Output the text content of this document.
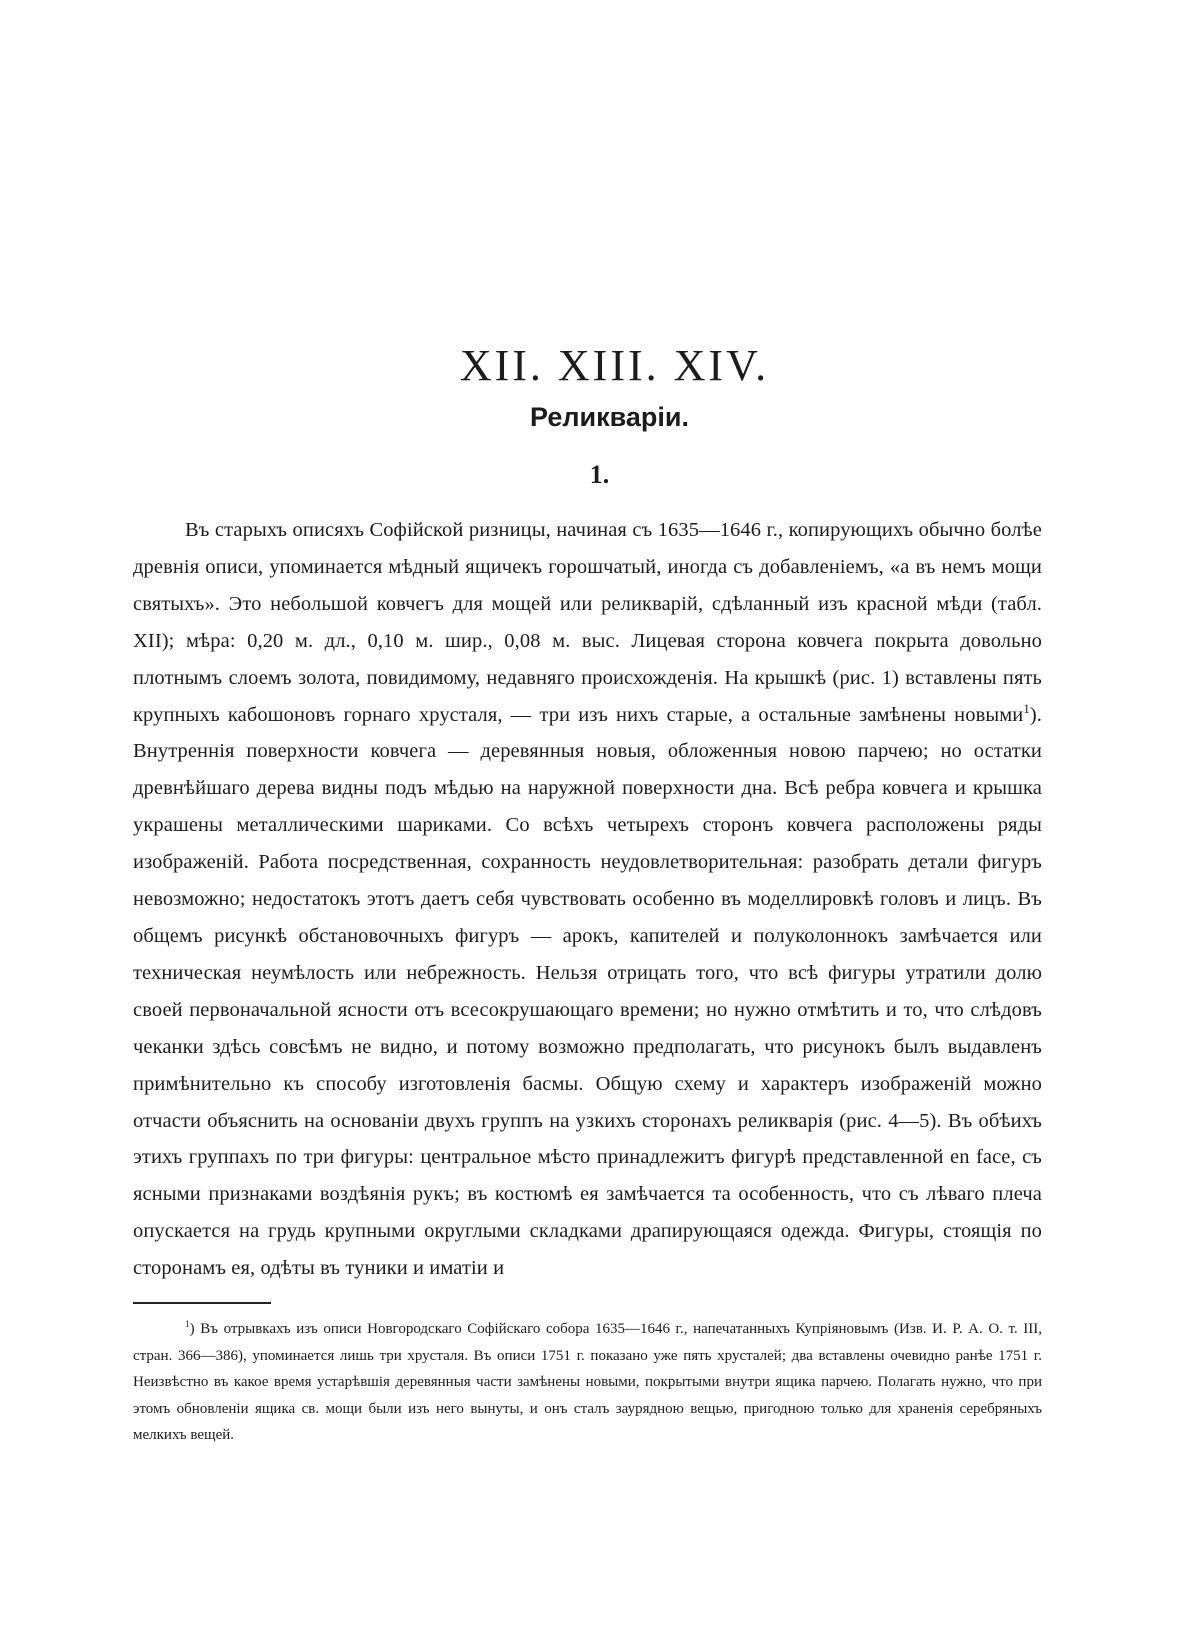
XII. XIII. XIV.
Реликварiи.
1.

Въ старыхъ описяхъ Софiйской ризницы, начиная съ 1635—1646 г., копирующихъ обычно болѣе древнiя описи, упоминается мѣдный ящичекъ горошчатый, иногда съ добавленiемъ, «а въ немъ мощи святыхъ». Это небольшой ковчегъ для мощей или реликварiй, сдѣланный изъ красной мѣди (табл. XII); мѣра: 0,20 м. дл., 0,10 м. шир., 0,08 м. выс. Лицевая сторона ковчега покрыта довольно плотнымъ слоемъ золота, повидимому, недавняго происхожденiя. На крышкѣ (рис. 1) вставлены пять крупныхъ кабошоновъ горнаго хрусталя, — три изъ нихъ старые, а остальные замѣнены новыми$^1$). Внутреннiя поверхности ковчега — деревянныя новыя, обложенныя новою парчею; но остатки древнѣйшаго дерева видны подъ мѣдью на наружной поверхности дна. Всѣ ребра ковчега и крышка украшены металлическими шариками. Со всѣхъ четырехъ сторонъ ковчега расположены ряды изображенiй. Работа посредственная, сохранность неудовлетворительная: разобрать детали фигуръ невозможно; недостатокъ этотъ даетъ себя чувствовать особенно въ моделлировкѣ головъ и лицъ. Въ общемъ рисункѣ обстановочныхъ фигуръ — арокъ, капителей и полуколоннокъ замѣчается или техническая неумѣлость или небрежность. Нельзя отрицать того, что всѣ фигуры утратили долю своей первоначальной ясности отъ всесокрушающаго времени; но нужно отмѣтить и то, что слѣдовъ чеканки здѣсь совсѣмъ не видно, и потому возможно предполагать, что рисунокъ былъ выдавленъ примѣнительно къ способу изготовленiя басмы. Общую схему и характеръ изображенiй можно отчасти объяснить на основанiи двухъ группъ на узкихъ сторонахъ реликварiя (рис. 4—5). Въ обѣихъ этихъ группахъ по три фигуры: центральное мѣсто принадлежитъ фигурѣ представленной en face, съ ясными признаками воздѣянiя рукъ; въ костюмѣ ея замѣчается та особенность, что съ лѣваго плеча опускается на грудь крупными округлыми складками драпирующаяся одежда. Фигуры, стоящiя по сторонамъ ея, одѣты въ туники и иматiи и

$^1$) Въ отрывкахъ изъ описи Новгородскаго Софiйскаго собора 1635—1646 г., напечатанныхъ Купрiяновымъ (Изв. И. Р. А. О. т. III, стран. 366—386), упоминается лишь три хрусталя. Въ описи 1751 г. показано уже пять хрусталей; два вставлены очевидно ранѣе 1751 г. Неизвѣстно въ какое время устарѣвшiя деревянныя части замѣнены новыми, покрытыми внутри ящика парчею. Полагать нужно, что при этомъ обновленiи ящика св. мощи были изъ него вынуты, и онъ сталъ заурядною вещью, пригодною только для храненiя серебряныхъ мелкихъ вещей.
